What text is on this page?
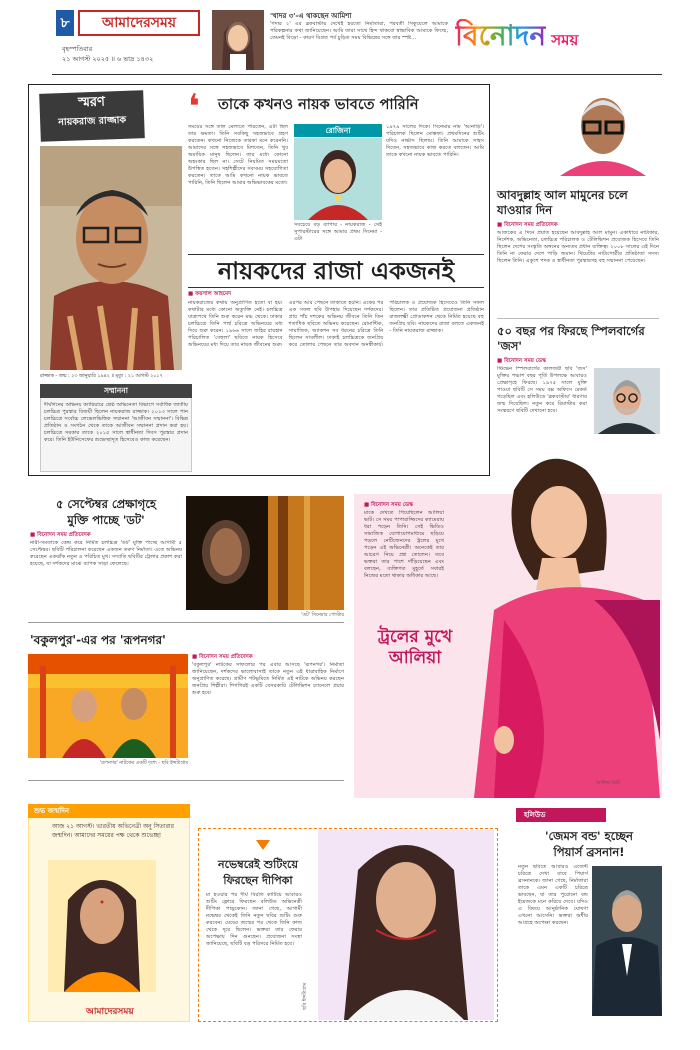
৮	আমাদেরসময়
বৃহস্পতিবার
২১ আগস্ট ২০২৫ ॥ ৬ ভাদ্র ১৪৩২
'খাদর ৩'-এ থাকছেন আমিশা
'গদার ২' এর ব্লকবাস্টার দেখেই হয়তো নির্মাতারা, পরবর্তী সিকুয়েলে আমাকে পরিকল্পনার কথা জানিয়েছেন। আমি তারা সাথে হিন্দ থাকবো স্বাভাবিক আমাকে ফিল্মে, তেমনই বিড়ো - কারণ বিগ্রত পর্ব চুড়িত সময় বিভিন্নের সঙ্গে তার স্পষ্ট...	বিনোদন সময়
স্মরণ
নায়করাজ রাজ্জাক
রাজ্জাক - জন্ম : ২৩ জানুয়ারি ১৯৪২ ॥ মৃত্যু : ২১ আগস্ট ২০১৭
সম্মাননা
দীর্ঘদিনের অভিনয় ক্যারিয়ারে শ্রেষ্ঠ অভিনেতা বিভাগে সর্বাধিক জাতীয় চলচ্চিত্র পুরস্কার বিজয়ী ছিলেন নায়করাজ রাজ্জাক। ২০১৩ সালে পান চলচ্চিত্রে সর্বোচ্চ লেভেলভিত্তিক সম্মাননা 'আজীবন সম্মাননা'। বিভিন্ন প্রতিষ্ঠান ও সংগঠন থেকে তাকে আজীবন সম্মাননা প্রদান করা হয়। চলচ্চিত্রে সরকার তাকে ২০১৫ সালে স্বাধীনতা দিবস পুরস্কার প্রদান করে। তিনি ইউনিসেফের শুভেচ্ছাদূত হিসেবেও কাজ করেছেন।
❛ তাকে কখনও নায়ক ভাবতে পারিনি
সময়ের সঙ্গে তাল মেলাতে পারতেন, এটা ছিল তার ক্ষমতা। তিনি সবকিছু সহজভাবে গ্রহণ করতেন। কখনো নিজেকে তারকা মনে করেননি। আমাদের সঙ্গে সহজভাবে মিশতেন, তিনি খুব অমায়িক মানুষ ছিলেন। তার মধ্যে কোনো অহংকার ছিল না। সেটে নিয়মিত সময়মতো উপস্থিত হতেন। সহশিল্পীদের সবসময় সহযোগিতা করতেন। তাকে আমি কখনো নায়ক ভাবতে পারিনি, তিনি ছিলেন আমার অভিভাবকের মতো।
রোজিনা
সবচেয়ে বড় ব্যাপার - নায়করাজ - সেই সুপারস্টারের সঙ্গে আমার প্রথম সিনেমা - এটা
১৯৭৯ সালের দিকে। সিনেমার নাম 'আনাড়ি'। পরিচালক ছিলেন মোস্তফা। প্রথমদিনের শুটিং যদিও নার্ভাস ছিলাম। তিনি আমাকে সাহস দিতেন, সহজভাবে কাজ করতে বলতেন। আমি তাকে কখনো নায়ক ভাবতে পারিনি।
নায়কদের রাজা একজনই
■ ফয়সাল আহমেদ
নায়করাজের কথায় অনুপ্রাণিত হতো বা হয়। কথাটার মধ্যে কোনো অত্যুক্তি নেই। চলচ্চিত্র যাত্রাপথে তিনি শুরু করেন মঞ্চ থেকে। ঢাকার চলচ্চিত্রে তিনি পার্শ্ব চরিত্রে অভিনয়ের মধ্য দিয়ে শুরু করেন। ১৯৬৬ সালে জহির রায়হান পরিচালিত 'বেহুলা' ছবিতে নায়ক হিসেবে অভিনয়ের মধ্য দিয়ে তার নায়ক জীবনের শুরু। এরপর আর পেছনে তাকাতে হয়নি। একের পর এক সফল ছবি উপহার দিয়েছেন দর্শকদের। প্রায় পাঁচ দশকের অভিনয় জীবনে তিনি তিন শতাধিক ছবিতে অভিনয় করেছেন। রোমান্টিক, সামাজিক, অ্যাকশন সব ধরনের চরিত্রে তিনি ছিলেন সাবলীল। ঢাকাই চলচ্চিত্রকে জনপ্রিয় করে তোলার পেছনে তার অবদান অনস্বীকার্য। পরিচালক ও প্রযোজক হিসেবেও তিনি সফল ছিলেন। তার প্রতিষ্ঠিত প্রযোজনা প্রতিষ্ঠান রাজলক্ষ্মী প্রোডাকশন থেকে নির্মিত হয়েছে বহু জনপ্রিয় ছবি। নায়কদের রাজা বলতে একজনই - তিনি নায়করাজ রাজ্জাক।
আবদুল্লাহ আল মামুনের চলে যাওয়ার দিন
■ বিনোদন সময় প্রতিবেদক
আজকের এ দিনে প্রয়াত হয়েছেন আবদুল্লাহ আল মামুন। একাধারে নাট্যকার, নির্দেশক, অভিনেতা, চলচ্চিত্র পরিচালক ও টেলিভিশন প্রযোজক হিসেবে তিনি ছিলেন দেশের সংস্কৃতি অঙ্গনের অন্যতম প্রধান ব্যক্তিত্ব। ২০০৮ সালের এই দিনে তিনি না ফেরার দেশে পাড়ি জমান। থিয়েটার নাট্যগোষ্ঠীর প্রতিষ্ঠাতা সদস্য ছিলেন তিনি। একুশে পদক ও স্বাধীনতা পুরস্কারসহ বহু সম্মাননা পেয়েছেন।
৫০ বছর পর ফিরছে স্পিলবার্গের 'জস'
■ বিনোদন সময় ডেস্ক
স্টিভেন স্পিলবার্গের কালজয়ী ছবি 'জস' মুক্তির পঞ্চাশ বছর পূর্তি উপলক্ষে আবারও প্রেক্ষাগৃহে ফিরছে। ১৯৭৫ সালে মুক্তি পাওয়া ছবিটি সে সময় বক্স অফিসে রেকর্ড গড়েছিল এবং হলিউডে 'ব্লকবাস্টার' ধারণার জন্ম দিয়েছিল। নতুন করে রিমাস্টার করা সংস্করণে ছবিটি দেখানো হবে।
৫ সেপ্টেম্বর প্রেক্ষাগৃহে
মুক্তি পাচ্ছে 'ডট'
■ বিনোদন সময় প্রতিবেদক
নারী-সমতাকে কেন্দ্র করে নির্মিত চলচ্চিত্র 'ডট' মুক্তি পাচ্ছে আগামী ৫ সেপ্টেম্বর। ছবিটি পরিচালনা করেছেন একজন তরুণ নির্মাতা। এতে অভিনয় করেছেন একঝাঁক নতুন ও পরিচিত মুখ। সম্প্রতি ছবিটির ট্রেলার প্রকাশ করা হয়েছে, যা দর্শকদের মাঝে ব্যাপক সাড়া ফেলেছে।
'ডট' সিনেমার পোস্টার
'বকুলপুর'-এর পর 'রূপনগর'
'রূপনগর' নাটকের একটি দৃশ্যে - ছবি ইন্সটাগ্রাম
■ বিনোদন সময় প্রতিবেদক
'বকুলপুর' নাটকের সাফল্যের পর এবার আসছে 'রূপনগর'। নির্মাতা জানিয়েছেন, দর্শকদের ভালোবাসাই তাকে নতুন এই ধারাবাহিক নির্মাণে অনুপ্রাণিত করেছে। গ্রামীণ পটভূমিতে নির্মিত এই নাটকে অভিনয় করছেন জনপ্রিয় শিল্পীরা। শিগগিরই একটি বেসরকারি টেলিভিশন চ্যানেলে প্রচার শুরু হবে।
■ বিনোদন সময় ডেস্ক
মাকে দেখতে গিয়েছিলেন আলিয়া ভাট। সে সময় পাপারাজ্জিদের ক্যামেরায় ধরা পড়েন তিনি। সেই ভিডিও সামাজিক যোগাযোগমাধ্যমে ছড়িয়ে পড়লে নেটিজেনদের ট্রলের মুখে পড়েন এই অভিনেত্রী। অনেকেই তার আচরণ নিয়ে প্রশ্ন তোলেন। তবে ভক্তরা তার পাশে দাঁড়িয়েছেন এবং বলছেন, ব্যক্তিগত মুহূর্তে সবারই নিজের মতো থাকার অধিকার আছে।
ট্রলের মুখে
আলিয়া
আলিয়া ভাট
শুভ জন্মদিন
আজ ২১ আগস্ট। ভারতীয় অভিনেত্রী অনু সিতারার জন্মদিন। আমাদের সময়ের পক্ষ থেকে শুভেচ্ছা
আমাদেরসময়
নভেম্বরেই শুটিংয়ে
ফিরছেন দীপিকা
মা হওয়ার পর দীর্ঘ বিরতি কাটিয়ে আবারও শুটিং ফ্লোরে ফিরছেন বলিউড অভিনেত্রী দীপিকা পাড়ুকোন। জানা গেছে, আগামী নভেম্বর থেকেই তিনি নতুন ছবির শুটিং শুরু করবেন। মেয়ের জন্মের পর থেকে তিনি কাজ থেকে দূরে ছিলেন। ভক্তরা তার ফেরার অপেক্ষায় দিন গুনছেন। প্রযোজনা সংস্থা জানিয়েছে, ছবিটি বড় পরিসরে নির্মিত হবে।
ছবি ইন্সটাগ্রাম
হলিউড
'জেমস বন্ড' হচ্ছেন
পিয়ার্স ব্রসনান!
নতুন ছবিতে আবারও এজেন্ট চরিত্রে দেখা যাবে পিয়ার্স ব্রসনানকে। জানা গেছে, নির্মাতারা তাকে এমন একটি চরিত্রে ভাবছেন, যা তার পুরোনো বন্ড ইমেজকে মনে করিয়ে দেবে। যদিও এ বিষয়ে আনুষ্ঠানিক ঘোষণা এখনো আসেনি। ভক্তরা অধীর আগ্রহে অপেক্ষা করছেন।
